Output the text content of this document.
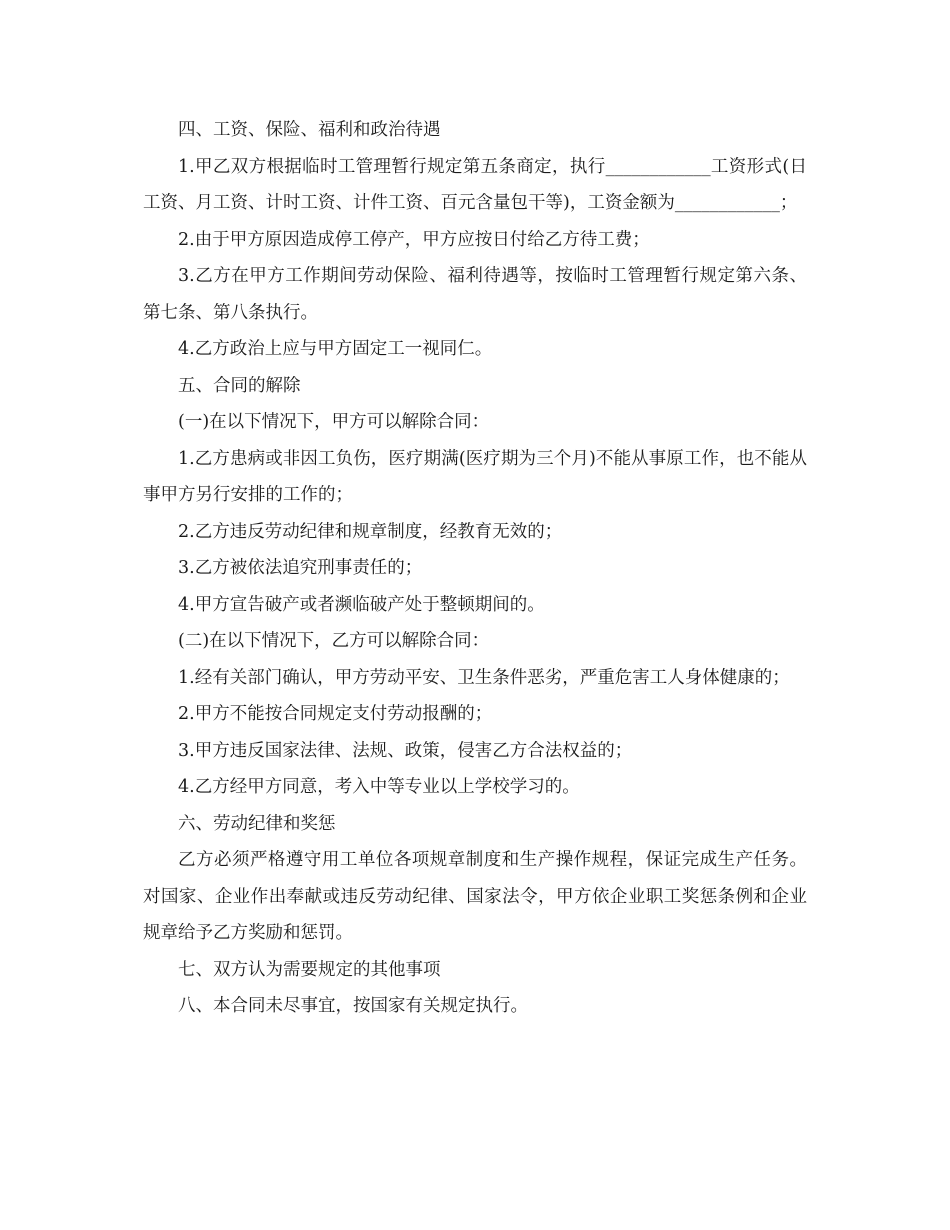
四、工资、保险、福利和政治待遇

1.甲乙双方根据临时工管理暂行规定第五条商定，执行____________工资形式(日工资、月工资、计时工资、计件工资、百元含量包干等)，工资金额为____________；

2.由于甲方原因造成停工停产，甲方应按日付给乙方待工费；

3.乙方在甲方工作期间劳动保险、福利待遇等，按临时工管理暂行规定第六条、第七条、第八条执行。

4.乙方政治上应与甲方固定工一视同仁。

五、合同的解除

(一)在以下情况下，甲方可以解除合同：

1.乙方患病或非因工负伤，医疗期满(医疗期为三个月)不能从事原工作，也不能从事甲方另行安排的工作的；

2.乙方违反劳动纪律和规章制度，经教育无效的；

3.乙方被依法追究刑事责任的；

4.甲方宣告破产或者濒临破产处于整顿期间的。

(二)在以下情况下，乙方可以解除合同：

1.经有关部门确认，甲方劳动平安、卫生条件恶劣，严重危害工人身体健康的；

2.甲方不能按合同规定支付劳动报酬的；

3.甲方违反国家法律、法规、政策，侵害乙方合法权益的；

4.乙方经甲方同意，考入中等专业以上学校学习的。

六、劳动纪律和奖惩

乙方必须严格遵守用工单位各项规章制度和生产操作规程，保证完成生产任务。对国家、企业作出奉献或违反劳动纪律、国家法令，甲方依企业职工奖惩条例和企业规章给予乙方奖励和惩罚。

七、双方认为需要规定的其他事项

八、本合同未尽事宜，按国家有关规定执行。
